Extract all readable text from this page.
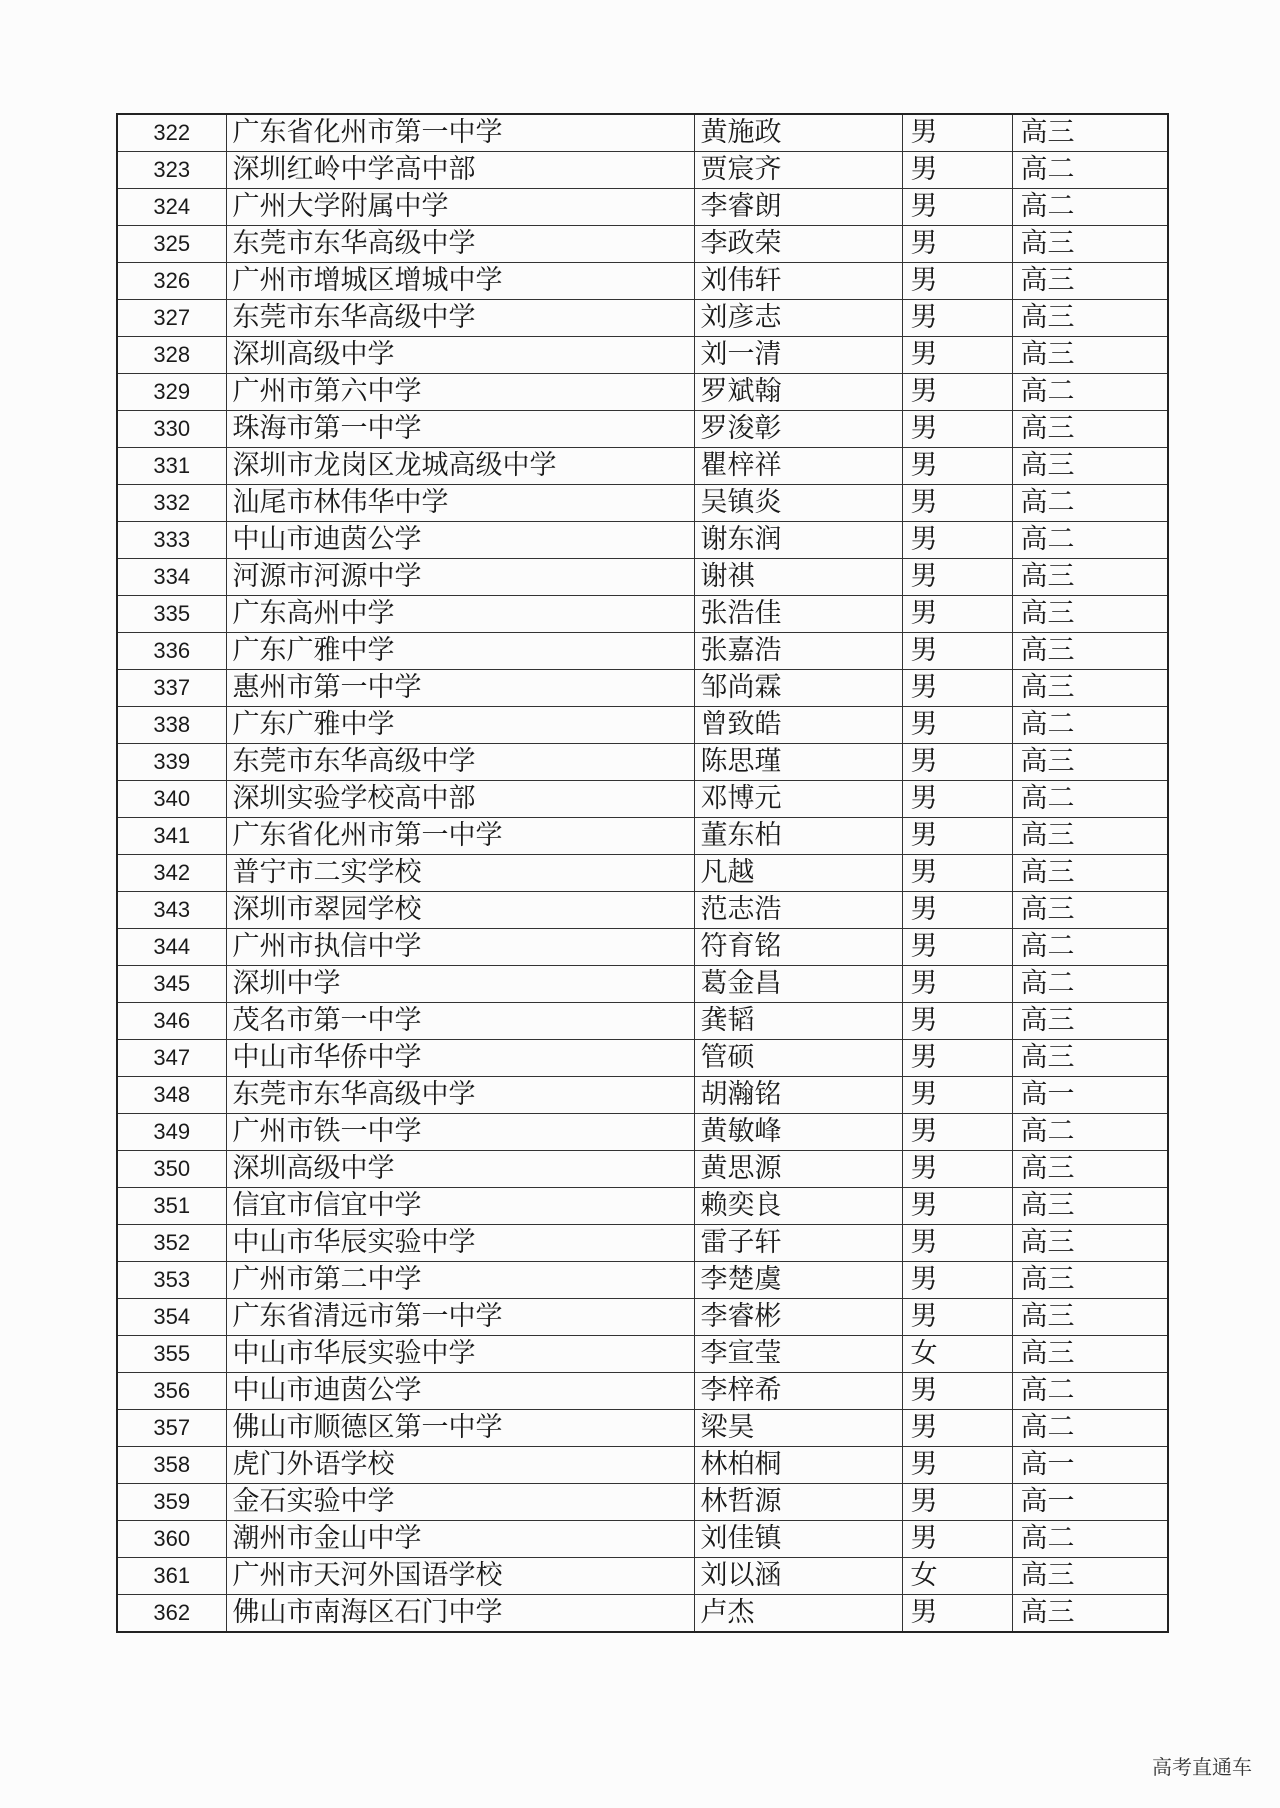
322	广东省化州市第一中学	黄施政	男	高三
323	深圳红岭中学高中部	贾宸齐	男	高二
324	广州大学附属中学	李睿朗	男	高二
325	东莞市东华高级中学	李政荣	男	高三
326	广州市增城区增城中学	刘伟轩	男	高三
327	东莞市东华高级中学	刘彦志	男	高三
328	深圳高级中学	刘一清	男	高三
329	广州市第六中学	罗斌翰	男	高二
330	珠海市第一中学	罗浚彰	男	高三
331	深圳市龙岗区龙城高级中学	瞿梓祥	男	高三
332	汕尾市林伟华中学	吴镇炎	男	高二
333	中山市迪茵公学	谢东润	男	高二
334	河源市河源中学	谢祺	男	高三
335	广东高州中学	张浩佳	男	高三
336	广东广雅中学	张嘉浩	男	高三
337	惠州市第一中学	邹尚霖	男	高三
338	广东广雅中学	曾致皓	男	高二
339	东莞市东华高级中学	陈思瑾	男	高三
340	深圳实验学校高中部	邓博元	男	高二
341	广东省化州市第一中学	董东柏	男	高三
342	普宁市二实学校	凡越	男	高三
343	深圳市翠园学校	范志浩	男	高三
344	广州市执信中学	符育铭	男	高二
345	深圳中学	葛金昌	男	高二
346	茂名市第一中学	龚韬	男	高三
347	中山市华侨中学	管硕	男	高三
348	东莞市东华高级中学	胡瀚铭	男	高一
349	广州市铁一中学	黄敏峰	男	高二
350	深圳高级中学	黄思源	男	高三
351	信宜市信宜中学	赖奕良	男	高三
352	中山市华辰实验中学	雷子轩	男	高三
353	广州市第二中学	李楚虞	男	高三
354	广东省清远市第一中学	李睿彬	男	高三
355	中山市华辰实验中学	李宣莹	女	高三
356	中山市迪茵公学	李梓希	男	高二
357	佛山市顺德区第一中学	梁昊	男	高二
358	虎门外语学校	林柏桐	男	高一
359	金石实验中学	林哲源	男	高一
360	潮州市金山中学	刘佳镇	男	高二
361	广州市天河外国语学校	刘以涵	女	高三
362	佛山市南海区石门中学	卢杰	男	高三
高考直通车
